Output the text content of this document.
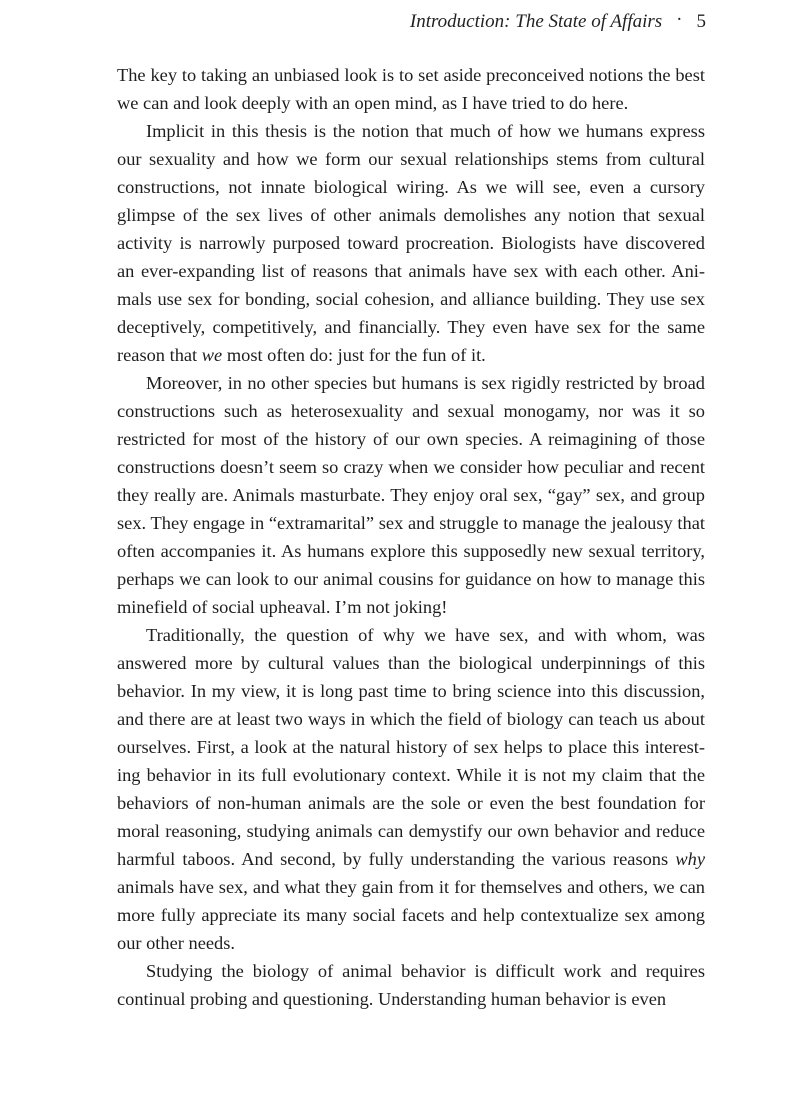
Introduction: The State of Affairs · 5

The key to taking an unbiased look is to set aside preconceived notions the best we can and look deeply with an open mind, as I have tried to do here.

Implicit in this thesis is the notion that much of how we humans express our sexuality and how we form our sexual relationships stems from cultural constructions, not innate biological wiring. As we will see, even a cursory glimpse of the sex lives of other animals demolishes any notion that sexual activity is narrowly purposed toward procreation. Biologists have discovered an ever-expanding list of reasons that animals have sex with each other. Animals use sex for bonding, social cohesion, and alliance building. They use sex deceptively, competitively, and financially. They even have sex for the same reason that we most often do: just for the fun of it.

Moreover, in no other species but humans is sex rigidly restricted by broad constructions such as heterosexuality and sexual monogamy, nor was it so restricted for most of the history of our own species. A reimagining of those constructions doesn’t seem so crazy when we consider how peculiar and recent they really are. Animals masturbate. They enjoy oral sex, “gay” sex, and group sex. They engage in “extramarital” sex and struggle to manage the jealousy that often accompanies it. As humans explore this supposedly new sexual territory, perhaps we can look to our animal cousins for guidance on how to manage this minefield of social upheaval. I’m not joking!

Traditionally, the question of why we have sex, and with whom, was answered more by cultural values than the biological underpinnings of this behavior. In my view, it is long past time to bring science into this discussion, and there are at least two ways in which the field of biology can teach us about ourselves. First, a look at the natural history of sex helps to place this interesting behavior in its full evolutionary context. While it is not my claim that the behaviors of non-human animals are the sole or even the best foundation for moral reasoning, studying animals can demystify our own behavior and reduce harmful taboos. And second, by fully understanding the various reasons why animals have sex, and what they gain from it for themselves and others, we can more fully appreciate its many social facets and help contextualize sex among our other needs.

Studying the biology of animal behavior is difficult work and requires continual probing and questioning. Understanding human behavior is even
